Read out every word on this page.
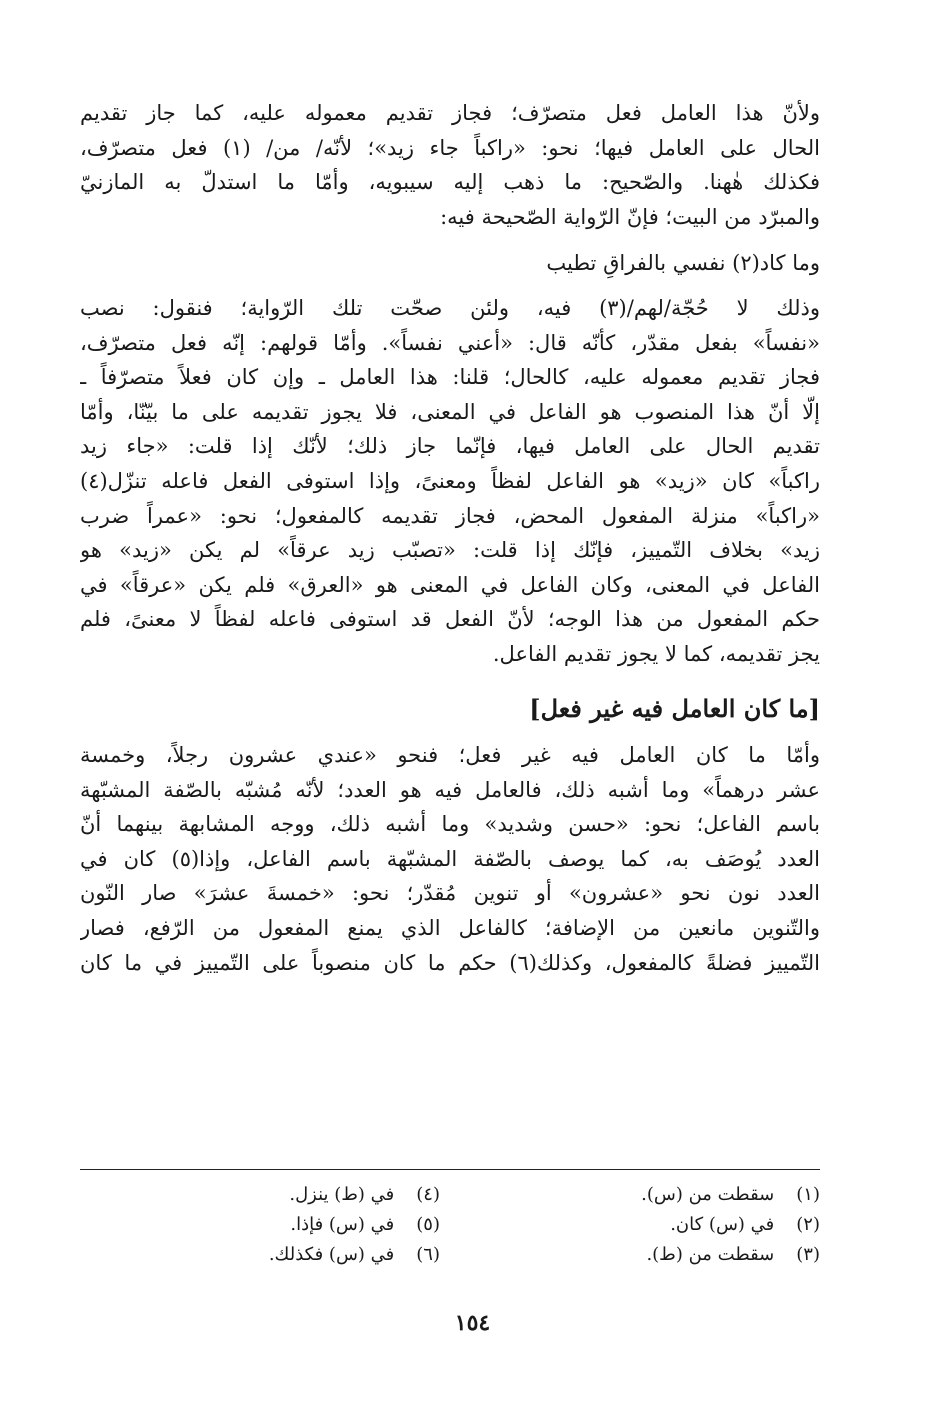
ولأنّ هذا العامل فعل متصرّف؛ فجاز تقديم معموله عليه، كما جاز تقديم
الحال على العامل فيها؛ نحو: «راكباً جاء زيد»؛ لأنّه/ من/ (١) فعل متصرّف،
فكذلك هٰهنا. والصّحيح: ما ذهب إليه سيبويه، وأمّا ما استدلّ به المازنيّ
والمبرّد من البيت؛ فإنّ الرّواية الصّحيحة فيه:
وما كاد(٢) نفسي بالفراقِ تطيب
وذلك لا حُجّة/لهم/(٣) فيه، ولئن صحّت تلك الرّواية؛ فنقول: نصب
«نفساً» بفعل مقدّر، كأنّه قال: «أعني نفساً». وأمّا قولهم: إنّه فعل متصرّف،
فجاز تقديم معموله عليه، كالحال؛ قلنا: هذا العامل ـ وإن كان فعلاً متصرّفاً ـ
إلّا أنّ هذا المنصوب هو الفاعل في المعنى، فلا يجوز تقديمه على ما بيّنّا، وأمّا
تقديم الحال على العامل فيها، فإنّما جاز ذلك؛ لأنّك إذا قلت: «جاء زيد
راكباً» كان «زيد» هو الفاعل لفظاً ومعنىً، وإذا استوفى الفعل فاعله تنزّل(٤)
«راكباً» منزلة المفعول المحض، فجاز تقديمه كالمفعول؛ نحو: «عمراً ضرب
زيد» بخلاف التّمييز، فإنّك إذا قلت: «تصبّب زيد عرقاً» لم يكن «زيد» هو
الفاعل في المعنى، وكان الفاعل في المعنى هو «العرق» فلم يكن «عرقاً» في
حكم المفعول من هذا الوجه؛ لأنّ الفعل قد استوفى فاعله لفظاً لا معنىً، فلم
يجز تقديمه، كما لا يجوز تقديم الفاعل.
[ما كان العامل فيه غير فعل]
وأمّا ما كان العامل فيه غير فعل؛ فنحو «عندي عشرون رجلاً، وخمسة
عشر درهماً» وما أشبه ذلك، فالعامل فيه هو العدد؛ لأنّه مُشبّه بالصّفة المشبّهة
باسم الفاعل؛ نحو: «حسن وشديد» وما أشبه ذلك، ووجه المشابهة بينهما أنّ
العدد يُوصَف به، كما يوصف بالصّفة المشبّهة باسم الفاعل، وإذا(٥) كان في
العدد نون نحو «عشرون» أو تنوين مُقدّر؛ نحو: «خمسةَ عشرَ» صار النّون
والتّنوين مانعين من الإضافة؛ كالفاعل الذي يمنع المفعول من الرّفع، فصار
التّمييز فضلةً كالمفعول، وكذلك(٦) حكم ما كان منصوباً على التّمييز في ما كان
(١) سقطت من (س).
(٢) في (س) كان.
(٣) سقطت من (ط).
(٤) في (ط) ينزل.
(٥) في (س) فإذا.
(٦) في (س) فكذلك.
١٥٤
